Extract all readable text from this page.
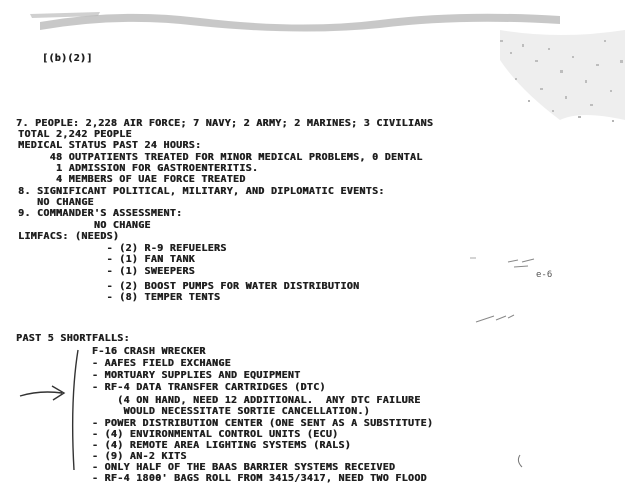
[(b)(2)]
7. PEOPLE: 2,228 AIR FORCE; 7 NAVY; 2 ARMY; 2 MARINES; 3 CIVILIANS
TOTAL 2,242 PEOPLE
MEDICAL STATUS PAST 24 HOURS:
48 OUTPATIENTS TREATED FOR MINOR MEDICAL PROBLEMS, 0 DENTAL
1 ADMISSION FOR GASTROENTERITIS.
4 MEMBERS OF UAE FORCE TREATED
8. SIGNIFICANT POLITICAL, MILITARY, AND DIPLOMATIC EVENTS:
NO CHANGE
9. COMMANDER'S ASSESSMENT:
NO CHANGE
LIMFACS: (NEEDS)
- (2) R-9 REFUELERS
- (1) FAN TANK
- (1) SWEEPERS
- (2) BOOST PUMPS FOR WATER DISTRIBUTION
- (8) TEMPER TENTS
PAST 5 SHORTFALLS:
F-16 CRASH WRECKER
- AAFES FIELD EXCHANGE
- MORTUARY SUPPLIES AND EQUIPMENT
- RF-4 DATA TRANSFER CARTRIDGES (DTC)
(4 ON HAND, NEED 12 ADDITIONAL.  ANY DTC FAILURE
WOULD NECESSITATE SORTIE CANCELLATION.)
- POWER DISTRIBUTION CENTER (ONE SENT AS A SUBSTITUTE)
- (4) ENVIRONMENTAL CONTROL UNITS (ECU)
- (4) REMOTE AREA LIGHTING SYSTEMS (RALS)
- (9) AN-2 KITS
- ONLY HALF OF THE BAAS BARRIER SYSTEMS RECEIVED
- RF-4 1800' BAGS ROLL FROM 3415/3417, NEED TWO FLOOD
e-6
